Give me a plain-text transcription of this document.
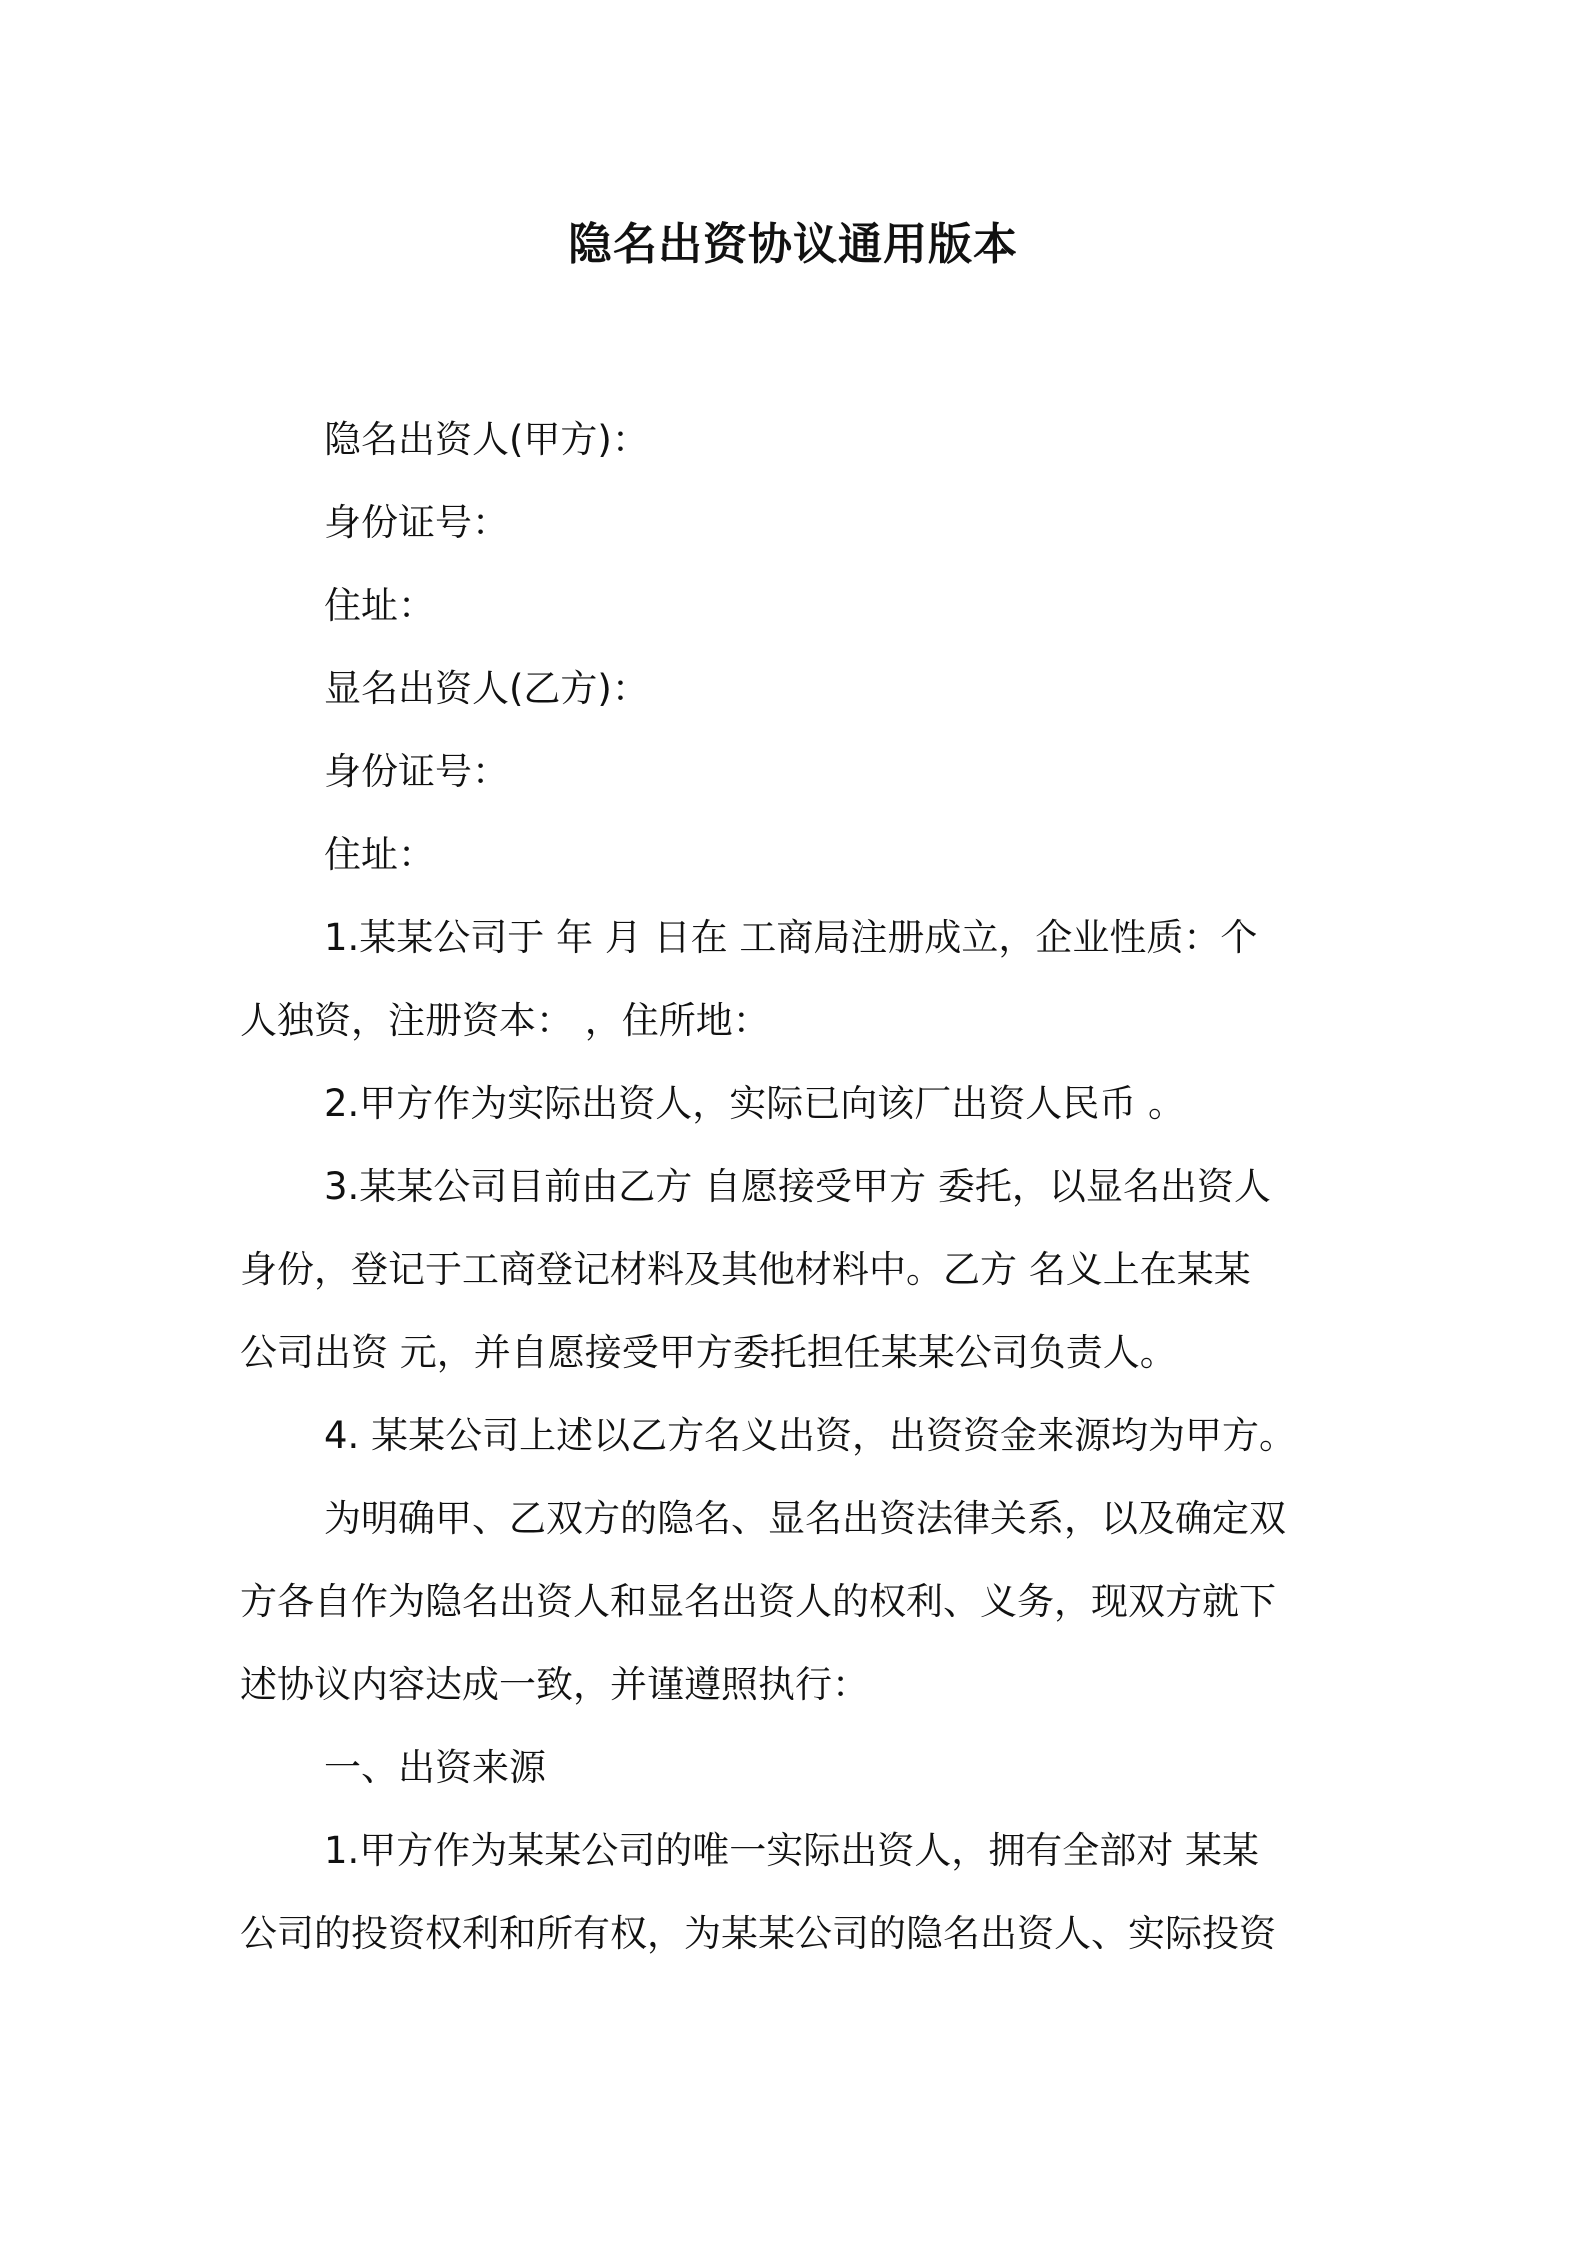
隐名出资协议通用版本
隐名出资人(甲方)：
身份证号：
住址：
显名出资人(乙方)：
身份证号：
住址：
1.某某公司于 年 月 日在 工商局注册成立，企业性质：个
人独资，注册资本： ，住所地：
2.甲方作为实际出资人，实际已向该厂出资人民币 。
3.某某公司目前由乙方 自愿接受甲方 委托，以显名出资人
身份，登记于工商登记材料及其他材料中。乙方 名义上在某某
公司出资 元，并自愿接受甲方委托担任某某公司负责人。
4. 某某公司上述以乙方名义出资，出资资金来源均为甲方。
为明确甲、乙双方的隐名、显名出资法律关系，以及确定双
方各自作为隐名出资人和显名出资人的权利、义务，现双方就下
述协议内容达成一致，并谨遵照执行：
一、出资来源
1.甲方作为某某公司的唯一实际出资人，拥有全部对 某某
公司的投资权利和所有权，为某某公司的隐名出资人、实际投资
